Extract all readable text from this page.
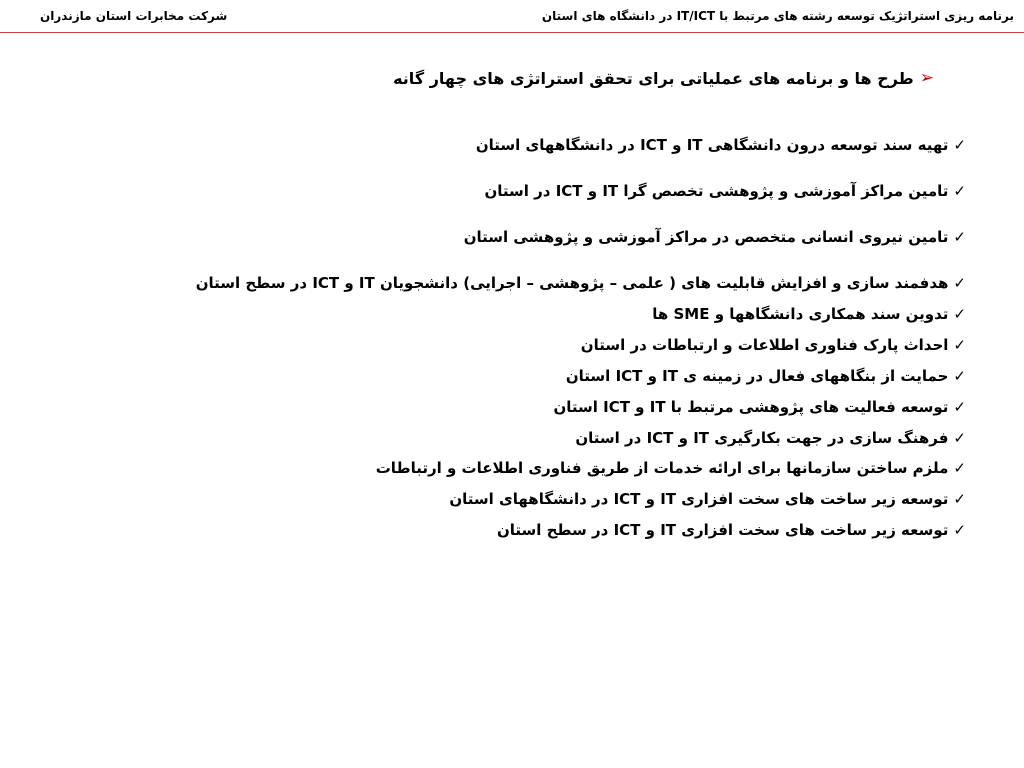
برنامه ریزی استراتژیک توسعه رشته های مرتبط با IT/ICT در دانشگاه های استان
شرکت مخابرات استان مازندران
➢
طرح ها و برنامه های عملیاتی برای تحقق استراتژی های چهار گانه
✓
تهیه سند توسعه درون دانشگاهی IT و ICT در دانشگاههای استان
✓
تامین مراکز آموزشی و پژوهشی تخصص گرا IT و ICT در استان
✓
تامین نیروی انسانی متخصص در مراکز آموزشی و پژوهشی استان
✓
هدفمند سازی و افزایش قابلیت های ( علمی – پژوهشی – اجرایی) دانشجویان IT و ICT در سطح استان
✓
تدوین سند همکاری دانشگاهها و SME ها
✓
احداث پارک فناوری اطلاعات و ارتباطات در استان
✓
حمایت از بنگاههای فعال در زمینه ی IT و ICT استان
✓
توسعه فعالیت های پژوهشی مرتبط با IT و ICT استان
✓
فرهنگ سازی در جهت بکارگیری IT و ICT در استان
✓
ملزم ساختن سازمانها برای ارائه خدمات از طریق فناوری اطلاعات و ارتباطات
✓
توسعه زیر ساخت های سخت افزاری IT و ICT در دانشگاههای استان
✓
توسعه زیر ساخت های سخت افزاری IT و ICT در سطح استان
